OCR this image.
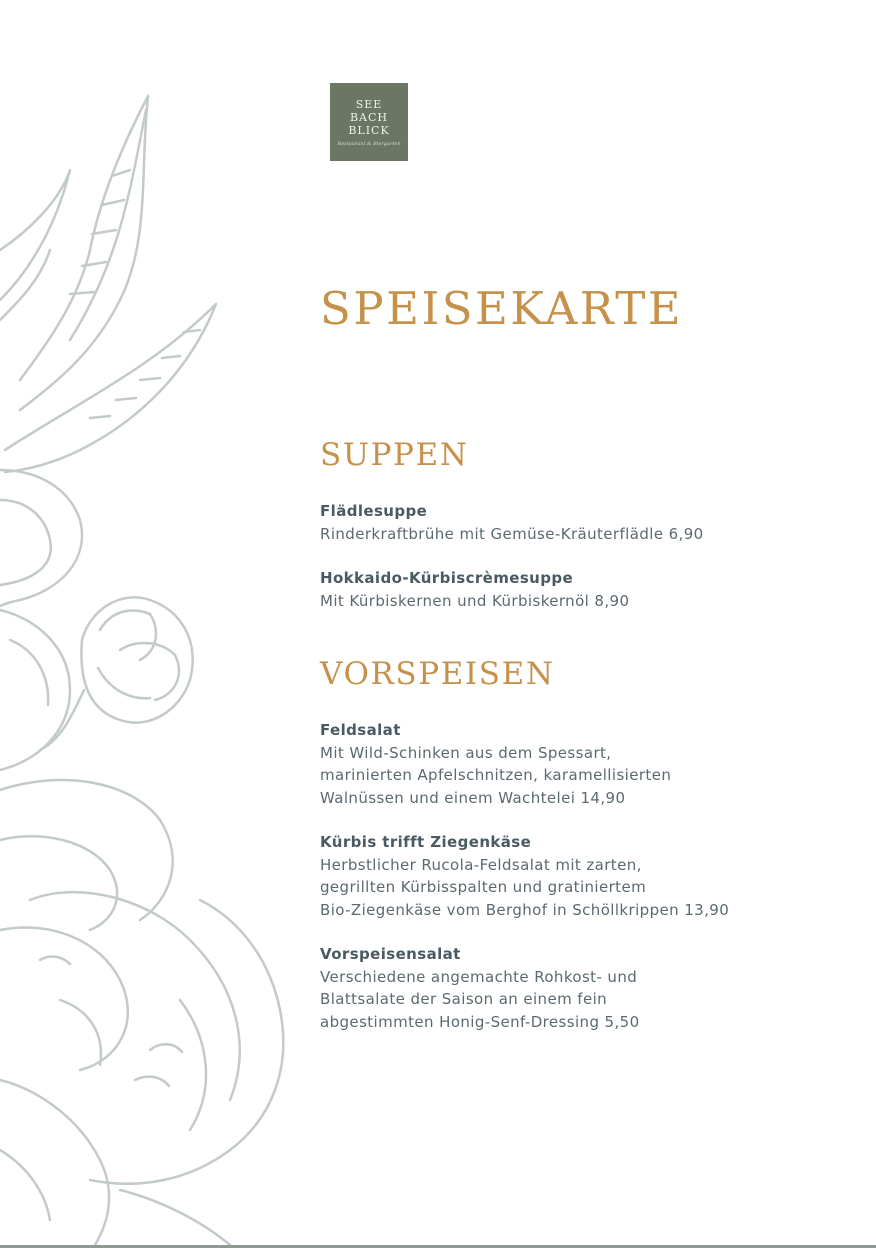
SEE
BACH
BLICK
Restaurant & Biergarten
SPEISEKARTE
SUPPEN
Flädlesuppe
Rinderkraftbrühe mit Gemüse-Kräuterflädle 6,90
Hokkaido-Kürbiscrèmesuppe
Mit Kürbiskernen und Kürbiskernöl 8,90
VORSPEISEN
Feldsalat
Mit Wild-Schinken aus dem Spessart,
marinierten Apfelschnitzen, karamellisierten
Walnüssen und einem Wachtelei 14,90
Kürbis trifft Ziegenkäse
Herbstlicher Rucola-Feldsalat mit zarten,
gegrillten Kürbisspalten und gratiniertem
Bio-Ziegenkäse vom Berghof in Schöllkrippen 13,90
Vorspeisensalat
Verschiedene angemachte Rohkost- und
Blattsalate der Saison an einem fein
abgestimmten Honig-Senf-Dressing 5,50
